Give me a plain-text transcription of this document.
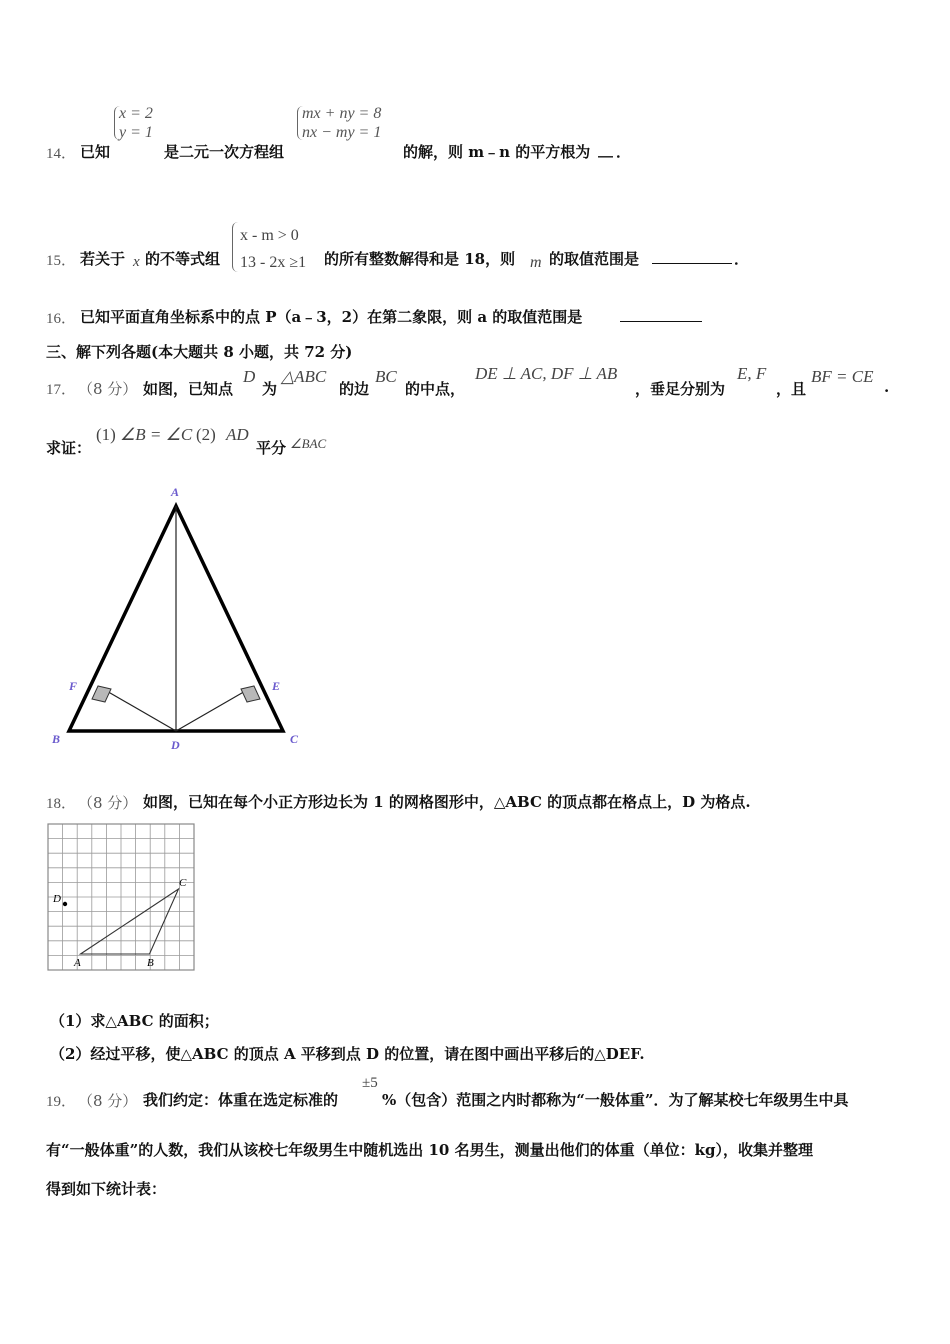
14． 已知
x = 2
y = 1
是二元一次方程组
mx + ny = 8
nx − my = 1
的解，则 m﹣n 的平方根为 __ ．
15． 若关于 x 的不等式组
x - m > 0
13 - 2x ≥1 的所有整数解得和是 18，则 m 的取值范围是	．
16． 已知平面直角坐标系中的点 P（a﹣3，2）在第二象限，则 a 的取值范围是
三、解下列各题(本大题共 8 小题，共 72 分)
17． （8 分） 如图，已知点
D
为
△ABC
的边
BC
的中点，
DE ⊥ AC, DF ⊥ AB
，垂足分别为
E, F
，且
BF = CE
.
求证：
(1) ∠B = ∠C (2) AD
平分 ∠BAC
A
B	C
D
E
F
18． （8 分） 如图，已知在每个小正方形边长为 1 的网格图形中，△ABC 的顶点都在格点上，D 为格点.
A	B
C
D
（1）求△ABC 的面积；
（2）经过平移，使△ABC 的顶点 A 平移到点 D 的位置，请在图中画出平移后的△DEF.
19． （8 分） 我们约定：体重在选定标准的
±5
%（包含）范围之内时都称为“一般体重”．为了解某校七年级男生中具
有“一般体重”的人数，我们从该校七年级男生中随机选出 10 名男生，测量出他们的体重（单位：kg），收集并整理
得到如下统计表：
